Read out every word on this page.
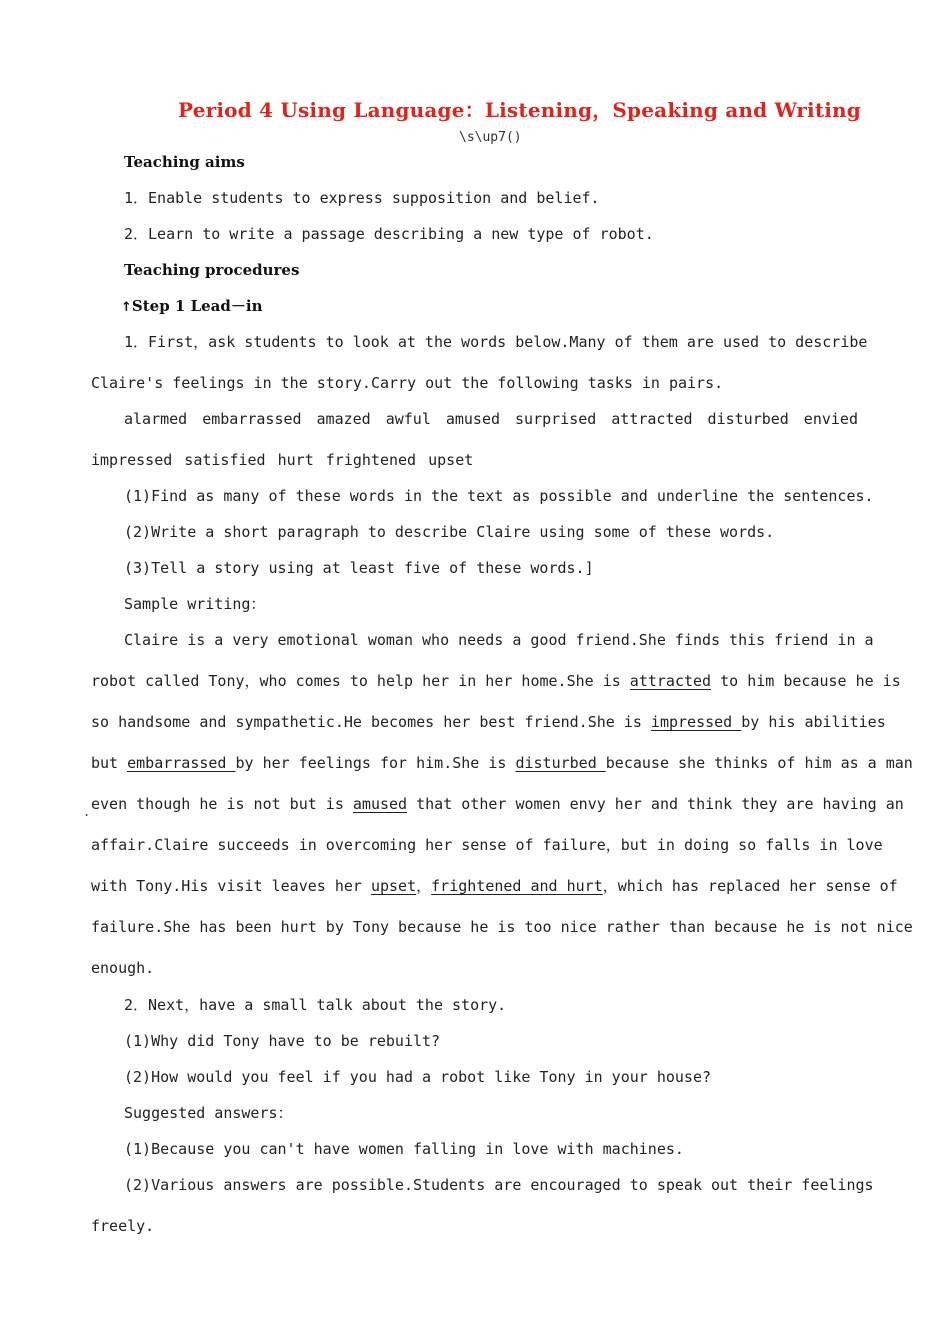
Period 4 Using Language：Listening，Speaking and Writing
\s\up7()
Teaching aims
1．Enable students to express supposition and belief.
2．Learn to write a passage describing a new type of robot.
Teaching procedures
↑Step 1 Lead－in
1．First，ask students to look at the words below.Many of them are used to describe
Claire's feelings in the story.Carry out the following tasks in pairs.
alarmed embarrassed amazed awful amused surprised attracted disturbed envied
impressed satisfied hurt frightened upset
(1)Find as many of these words in the text as possible and underline the sentences.
(2)Write a short paragraph to describe Claire using some of these words.
(3)Tell a story using at least five of these words.]
Sample writing：
Claire is a very emotional woman who needs a good friend.She finds this friend in a
robot called Tony，who comes to help her in her home.She is attracted to him because he is
so handsome and sympathetic.He becomes her best friend.She is impressed by his abilities
but embarrassed by her feelings for him.She is disturbed because she thinks of him as a man
. even though he is not but is amused that other women envy her and think they are having an
affair.Claire succeeds in overcoming her sense of failure，but in doing so falls in love
with Tony.His visit leaves her upset，frightened and hurt，which has replaced her sense of
failure.She has been hurt by Tony because he is too nice rather than because he is not nice
enough.
2．Next，have a small talk about the story.
(1)Why did Tony have to be rebuilt?
(2)How would you feel if you had a robot like Tony in your house?
Suggested answers：
(1)Because you can't have women falling in love with machines.
(2)Various answers are possible.Students are encouraged to speak out their feelings
freely.
